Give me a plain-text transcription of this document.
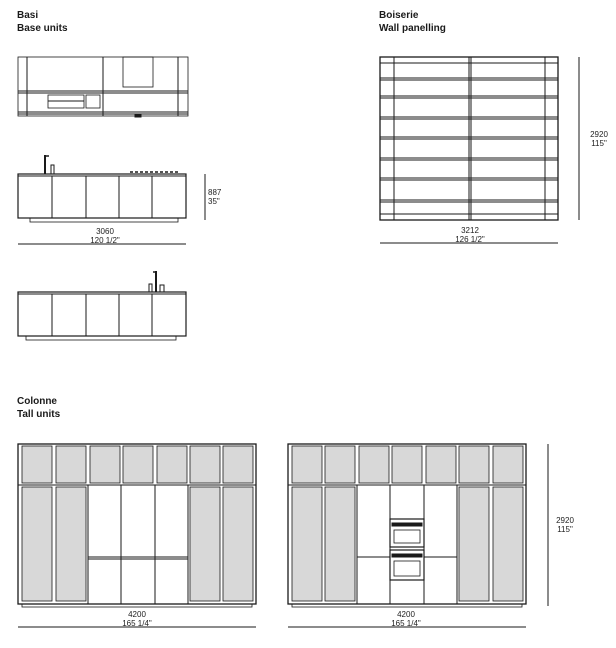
Basi
Base units
Boiserie
Wall panelling
Colonne
Tall units
887
35"
3060
120 1/2"
3212
126 1/2"
2920
115"
4200
165 1/4"
4200
165 1/4"
2920
115"
